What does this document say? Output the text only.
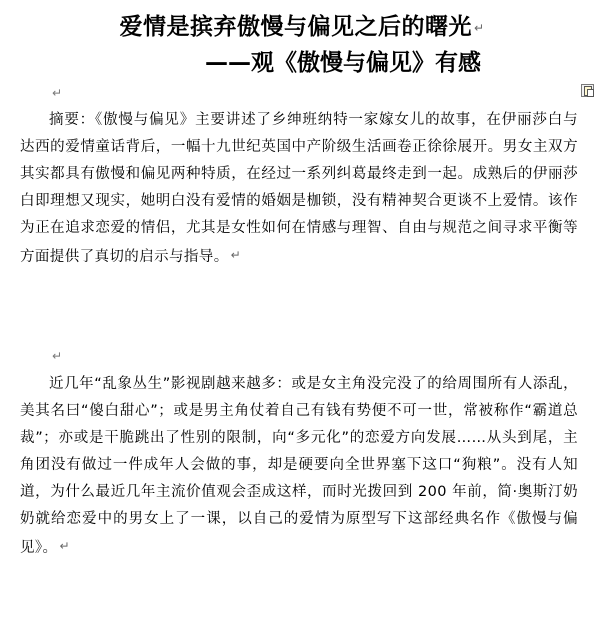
爱情是摈弃傲慢与偏见之后的曙光 ↵
——观《傲慢与偏见》有感
↵
摘要：《傲慢与偏见》主要讲述了乡绅班纳特一家嫁女儿的故事，在伊丽莎白与达西的爱情童话背后，一幅十九世纪英国中产阶级生活画卷正徐徐展开。男女主双方其实都具有傲慢和偏见两种特质，在经过一系列纠葛最终走到一起。成熟后的伊丽莎白即理想又现实，她明白没有爱情的婚姻是枷锁，没有精神契合更谈不上爱情。该作为正在追求恋爱的情侣，尤其是女性如何在情感与理智、自由与规范之间寻求平衡等方面提供了真切的启示与指导。 ↵
↵
近几年“乱象丛生”影视剧越来越多：或是女主角没完没了的给周围所有人添乱，美其名曰“傻白甜心”；或是男主角仗着自己有钱有势便不可一世，常被称作“霸道总裁”；亦或是干脆跳出了性别的限制，向“多元化”的恋爱方向发展……从头到尾，主角团没有做过一件成年人会做的事，却是硬要向全世界塞下这口“狗粮”。没有人知道，为什么最近几年主流价值观会歪成这样，而时光拨回到 200 年前，简·奥斯汀奶奶就给恋爱中的男女上了一课，以自己的爱情为原型写下这部经典名作《傲慢与偏见》。 ↵
